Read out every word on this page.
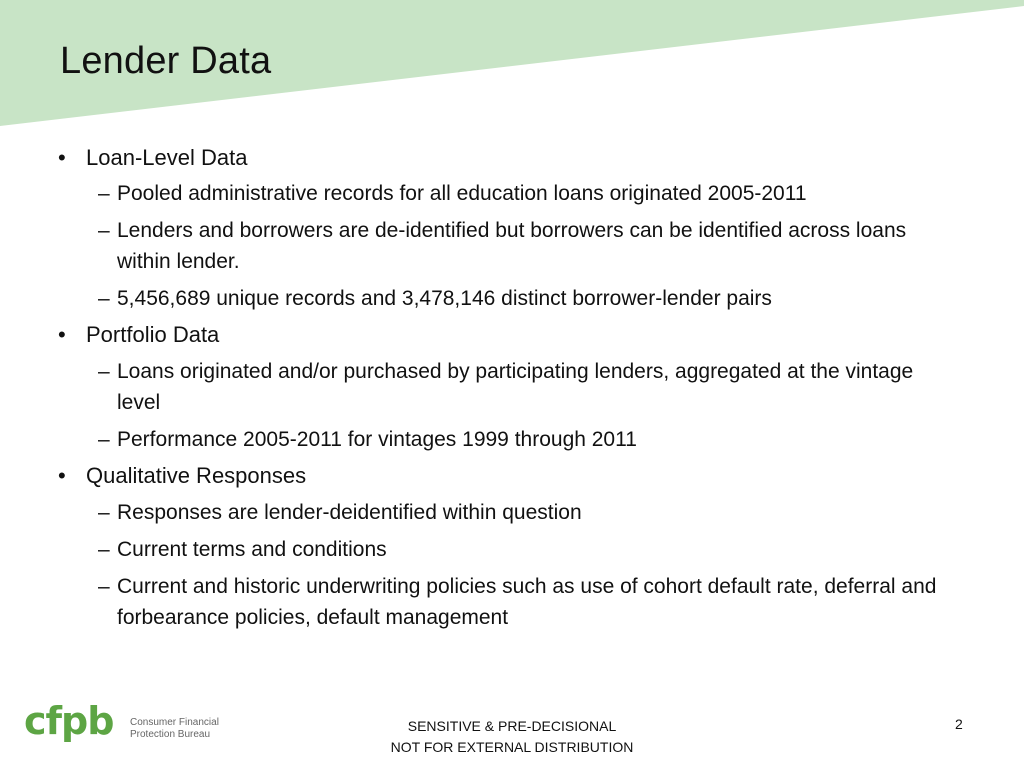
Lender Data
• Loan-Level Data
– Pooled administrative records for all education loans originated 2005-2011
– Lenders and borrowers are de-identified but borrowers can be identified across loans within lender.
– 5,456,689 unique records and 3,478,146 distinct borrower-lender pairs
• Portfolio Data
– Loans originated and/or purchased by participating lenders, aggregated at the vintage level
– Performance 2005-2011 for vintages 1999 through 2011
• Qualitative Responses
– Responses are lender-deidentified within question
– Current terms and conditions
– Current and historic underwriting policies such as use of cohort default rate, deferral and forbearance policies, default management
cfpb Consumer Financial
Protection Bureau
SENSITIVE & PRE-DECISIONAL
NOT FOR EXTERNAL DISTRIBUTION
2
